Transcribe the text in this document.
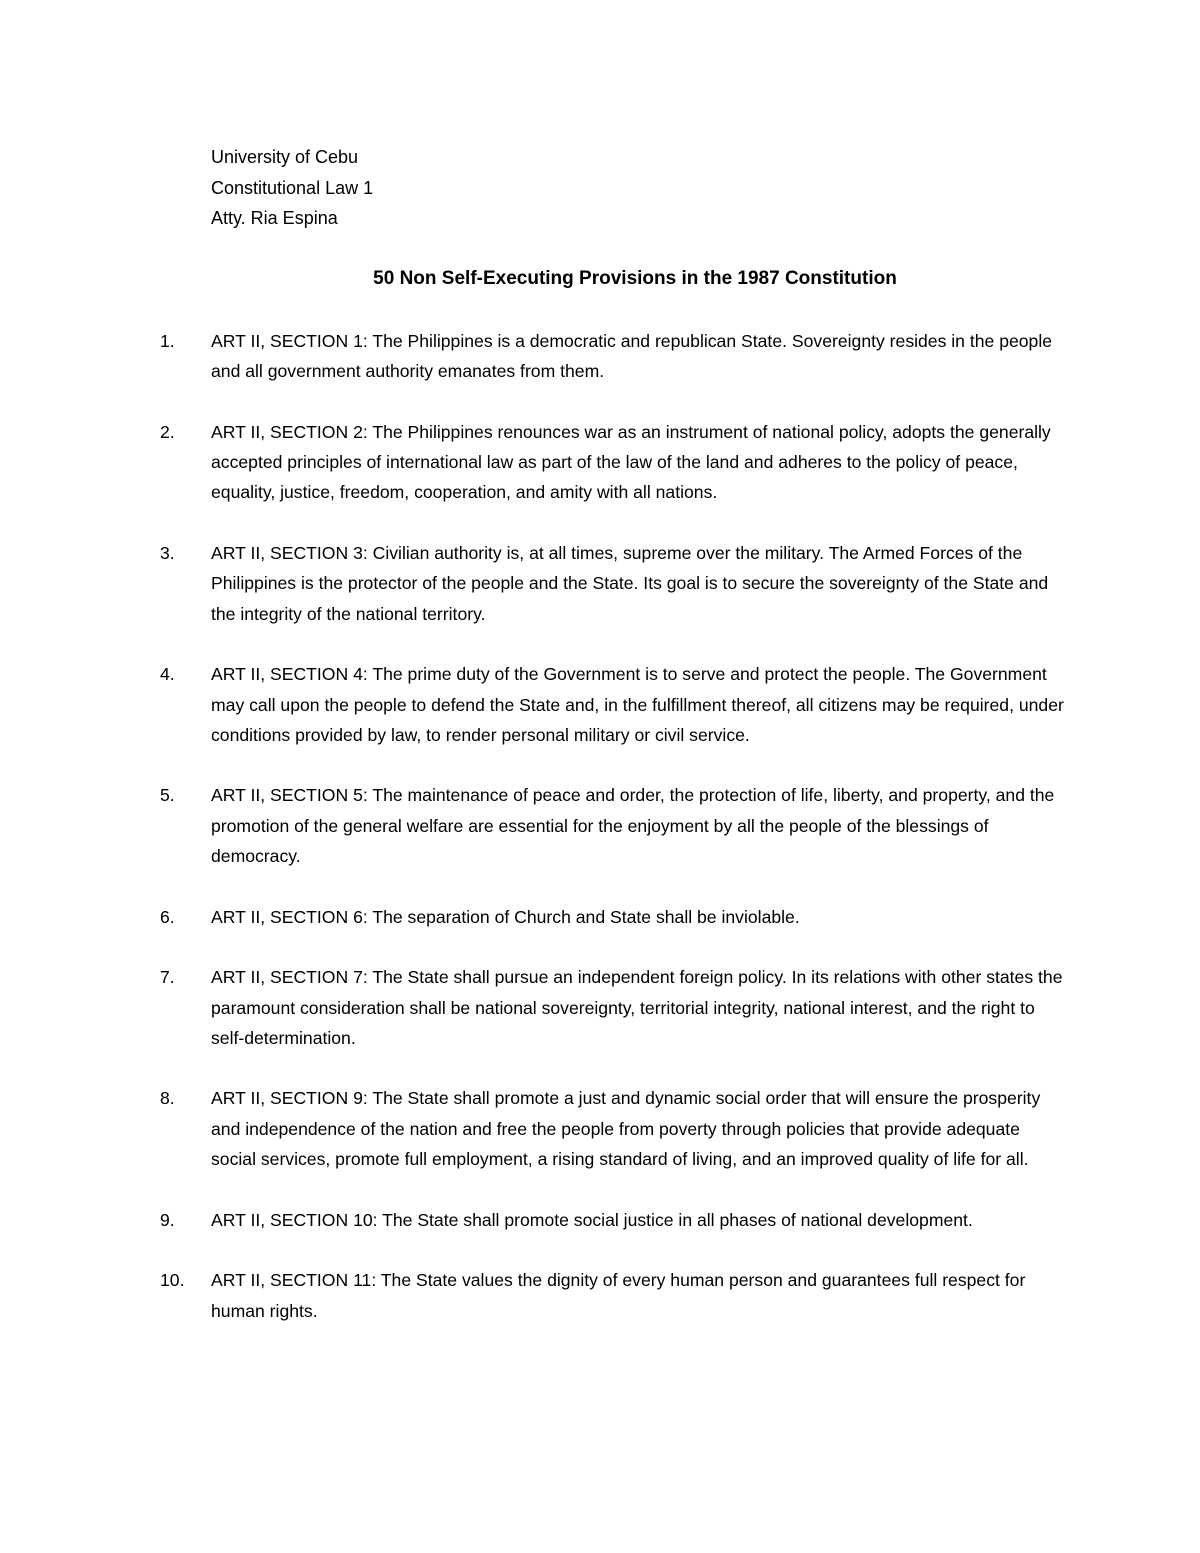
University of Cebu
Constitutional Law 1
Atty. Ria Espina
50 Non Self-Executing Provisions in the 1987 Constitution
1. ART II, SECTION 1: The Philippines is a democratic and republican State. Sovereignty resides in the people and all government authority emanates from them.
2. ART II, SECTION 2: The Philippines renounces war as an instrument of national policy, adopts the generally accepted principles of international law as part of the law of the land and adheres to the policy of peace, equality, justice, freedom, cooperation, and amity with all nations.
3. ART II, SECTION 3: Civilian authority is, at all times, supreme over the military. The Armed Forces of the Philippines is the protector of the people and the State. Its goal is to secure the sovereignty of the State and the integrity of the national territory.
4. ART II, SECTION 4: The prime duty of the Government is to serve and protect the people. The Government may call upon the people to defend the State and, in the fulfillment thereof, all citizens may be required, under conditions provided by law, to render personal military or civil service.
5. ART II, SECTION 5: The maintenance of peace and order, the protection of life, liberty, and property, and the promotion of the general welfare are essential for the enjoyment by all the people of the blessings of democracy.
6. ART II, SECTION 6: The separation of Church and State shall be inviolable.
7. ART II, SECTION 7: The State shall pursue an independent foreign policy. In its relations with other states the paramount consideration shall be national sovereignty, territorial integrity, national interest, and the right to self-determination.
8. ART II, SECTION 9: The State shall promote a just and dynamic social order that will ensure the prosperity and independence of the nation and free the people from poverty through policies that provide adequate social services, promote full employment, a rising standard of living, and an improved quality of life for all.
9. ART II, SECTION 10: The State shall promote social justice in all phases of national development.
10. ART II, SECTION 11: The State values the dignity of every human person and guarantees full respect for human rights.
